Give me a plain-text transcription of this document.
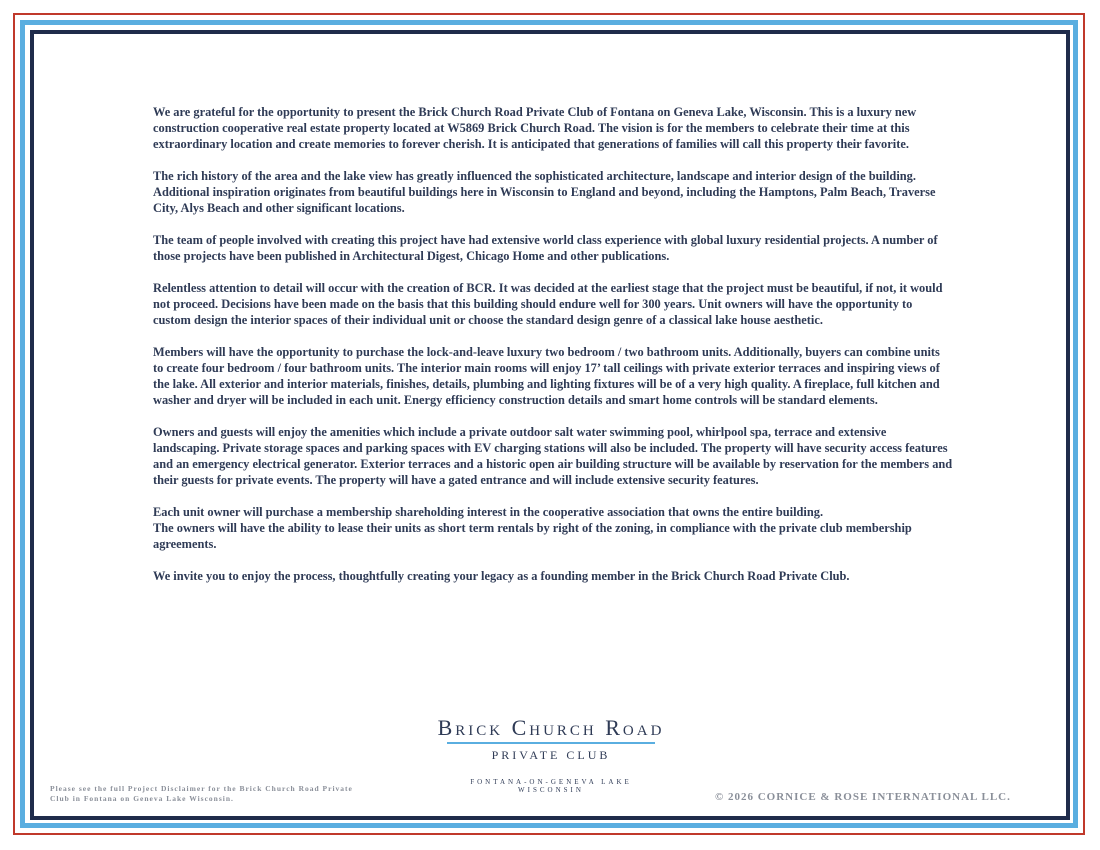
We are grateful for the opportunity to present the Brick Church Road Private Club of Fontana on Geneva Lake, Wisconsin. This is a luxury new construction cooperative real estate property located at W5869 Brick Church Road. The vision is for the members to celebrate their time at this extraordinary location and create memories to forever cherish. It is anticipated that generations of families will call this property their favorite.

The rich history of the area and the lake view has greatly influenced the sophisticated architecture, landscape and interior design of the building. Additional inspiration originates from beautiful buildings here in Wisconsin to England and beyond, including the Hamptons, Palm Beach, Traverse City, Alys Beach and other significant locations.

The team of people involved with creating this project have had extensive world class experience with global luxury residential projects. A number of those projects have been published in Architectural Digest, Chicago Home and other publications.

Relentless attention to detail will occur with the creation of BCR. It was decided at the earliest stage that the project must be beautiful, if not, it would not proceed. Decisions have been made on the basis that this building should endure well for 300 years. Unit owners will have the opportunity to custom design the interior spaces of their individual unit or choose the standard design genre of a classical lake house aesthetic.

Members will have the opportunity to purchase the lock-and-leave luxury two bedroom / two bathroom units. Additionally, buyers can combine units to create four bedroom / four bathroom units. The interior main rooms will enjoy 17’ tall ceilings with private exterior terraces and inspiring views of the lake. All exterior and interior materials, finishes, details, plumbing and lighting fixtures will be of a very high quality. A fireplace, full kitchen and washer and dryer will be included in each unit. Energy efficiency construction details and smart home controls will be standard elements.

Owners and guests will enjoy the amenities which include a private outdoor salt water swimming pool, whirlpool spa, terrace and extensive landscaping. Private storage spaces and parking spaces with EV charging stations will also be included. The property will have security access features and an emergency electrical generator. Exterior terraces and a historic open air building structure will be available by reservation for the members and their guests for private events. The property will have a gated entrance and will include extensive security features.

Each unit owner will purchase a membership shareholding interest in the cooperative association that owns the entire building.
The owners will have the ability to lease their units as short term rentals by right of the zoning, in compliance with the private club membership agreements.

We invite you to enjoy the process, thoughtfully creating your legacy as a founding member in the Brick Church Road Private Club.

Brick Church Road
PRIVATE CLUB
FONTANA-ON-GENEVA LAKE
WISCONSIN
Please see the full Project Disclaimer for the Brick Church Road Private Club in Fontana on Geneva Lake Wisconsin.	© 2026 CORNICE & ROSE INTERNATIONAL LLC.
